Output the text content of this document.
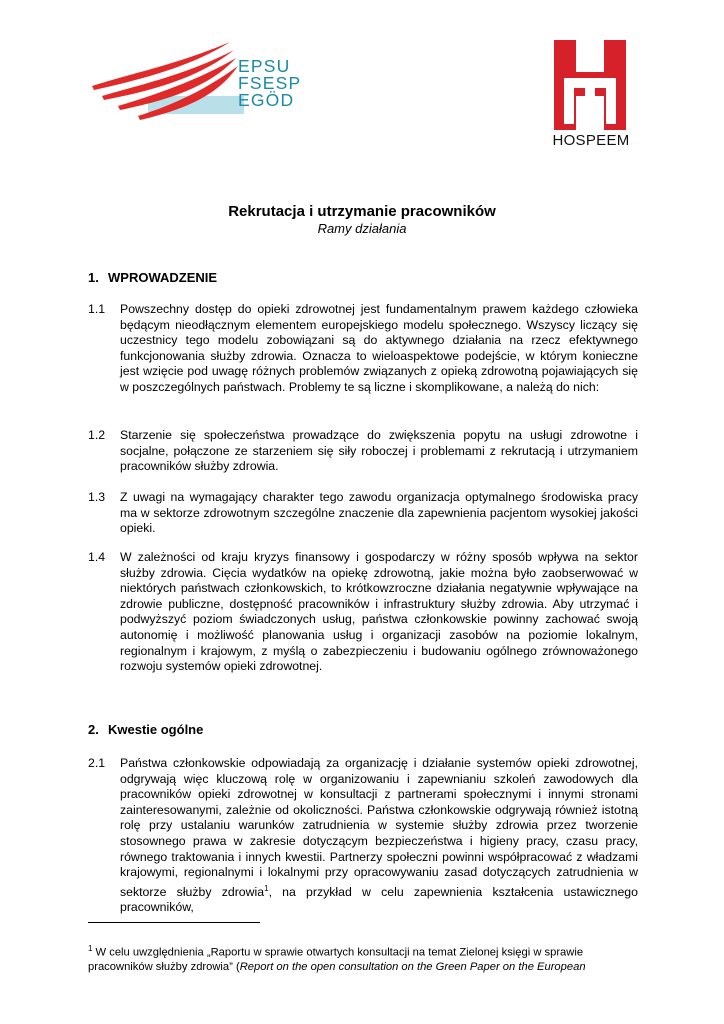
EPSU
FSESP
EGÖD
HOSPEEM
Rekrutacja i utrzymanie pracowników
Ramy działania
1. WPROWADZENIE
1.1	Powszechny dostęp do opieki zdrowotnej jest fundamentalnym prawem każdego człowieka będącym nieodłącznym elementem europejskiego modelu społecznego. Wszyscy liczący się uczestnicy tego modelu zobowiązani są do aktywnego działania na rzecz efektywnego funkcjonowania służby zdrowia. Oznacza to wieloaspektowe podejście, w którym konieczne jest wzięcie pod uwagę różnych problemów związanych z opieką zdrowotną pojawiających się w poszczególnych państwach. Problemy te są liczne i skomplikowane, a należą do nich:
1.2	Starzenie się społeczeństwa prowadzące do zwiększenia popytu na usługi zdrowotne i socjalne, połączone ze starzeniem się siły roboczej i problemami z rekrutacją i utrzymaniem pracowników służby zdrowia.
1.3	Z uwagi na wymagający charakter tego zawodu organizacja optymalnego środowiska pracy ma w sektorze zdrowotnym szczególne znaczenie dla zapewnienia pacjentom wysokiej jakości opieki.
1.4	W zależności od kraju kryzys finansowy i gospodarczy w różny sposób wpływa na sektor służby zdrowia. Cięcia wydatków na opiekę zdrowotną, jakie można było zaobserwować w niektórych państwach członkowskich, to krótkowzroczne działania negatywnie wpływające na zdrowie publiczne, dostępność pracowników i infrastruktury służby zdrowia. Aby utrzymać i podwyższyć poziom świadczonych usług, państwa członkowskie powinny zachować swoją autonomię i możliwość planowania usług i organizacji zasobów na poziomie lokalnym, regionalnym i krajowym, z myślą o zabezpieczeniu i budowaniu ogólnego zrównoważonego rozwoju systemów opieki zdrowotnej.
2. Kwestie ogólne
2.1	Państwa członkowskie odpowiadają za organizację i działanie systemów opieki zdrowotnej, odgrywają więc kluczową rolę w organizowaniu i zapewnianiu szkoleń zawodowych dla pracowników opieki zdrowotnej w konsultacji z partnerami społecznymi i innymi stronami zainteresowanymi, zależnie od okoliczności. Państwa członkowskie odgrywają również istotną rolę przy ustalaniu warunków zatrudnienia w systemie służby zdrowia przez tworzenie stosownego prawa w zakresie dotyczącym bezpieczeństwa i higieny pracy, czasu pracy, równego traktowania i innych kwestii. Partnerzy społeczni powinni współpracować z władzami krajowymi, regionalnymi i lokalnymi przy opracowywaniu zasad dotyczących zatrudnienia w sektorze służby zdrowia$^1$, na przykład w celu zapewnienia kształcenia ustawicznego pracowników,
$^1$ W celu uwzględnienia „Raportu w sprawie otwartych konsultacji na temat Zielonej księgi w sprawie pracowników służby zdrowia” (Report on the open consultation on the Green Paper on the European
